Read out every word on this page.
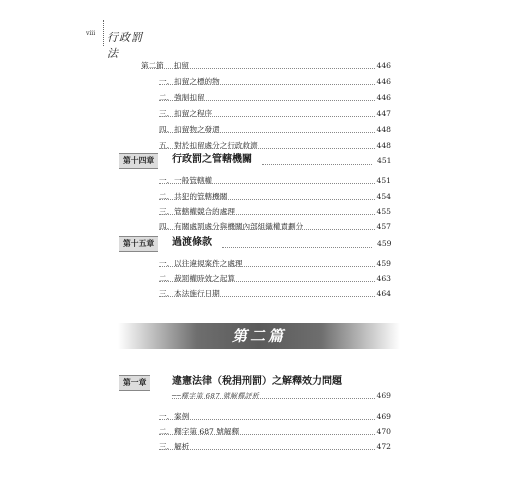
viii 行政罰法
第二節 扣留	446
一、扣留之標的物	446
二、強制扣留	446
三、扣留之程序	447
四、扣留物之發還	448
五、對於扣留處分之行政救濟	448
第十四章	行政罰之管轄機關	451
一、一般管轄權	451
二、共犯的管轄機關	454
三、管轄權競合的處理	455
四、有關處罰處分與機關內部組織權責劃分	457
第十五章	過渡條款	459
一、以往違規案件之處理	459
二、裁罰權時效之起算	463
三、本法施行日期	464
第二篇
第一章	違憲法律（稅捐刑罰）之解釋效力問題
──釋字第 687 號解釋評析	469
一、案例	469
二、釋字第 687 號解釋	470
三、解析	472
